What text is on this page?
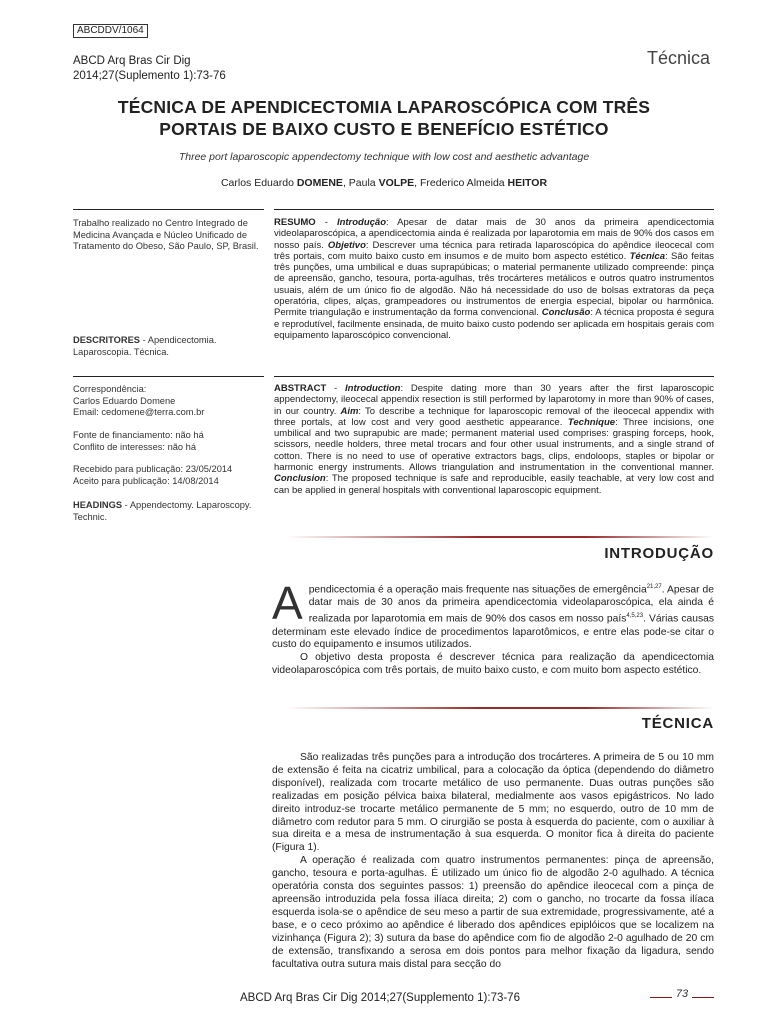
ABCDDV/1064
ABCD Arq Bras Cir Dig
2014;27(Suplemento 1):73-76
Técnica
TÉCNICA DE APENDICECTOMIA LAPAROSCÓPICA COM TRÊS
PORTAIS DE BAIXO CUSTO E BENEFÍCIO ESTÉTICO
Three port laparoscopic appendectomy technique with low cost and aesthetic advantage
Carlos Eduardo DOMENE, Paula VOLPE, Frederico Almeida HEITOR

Trabalho realizado no Centro Integrado de Medicina Avançada e Núcleo Unificado de Tratamento do Obeso, São Paulo, SP, Brasil.

DESCRITORES - Apendicectomia. Laparoscopia. Técnica.

Correspondência:

Carlos Eduardo Domene

Email: cedomene@terra.com.br

Fonte de financiamento: não há

Conflito de interesses: não há

Recebido para publicação: 23/05/2014

Aceito para publicação: 14/08/2014

HEADINGS - Appendectomy. Laparoscopy. Technic.

RESUMO - Introdução: Apesar de datar mais de 30 anos da primeira apendicectomia videolaparoscópica, a apendicectomia ainda é realizada por laparotomia em mais de 90% dos casos em nosso país. Objetivo: Descrever uma técnica para retirada laparoscópica do apêndice ileocecal com três portais, com muito baixo custo em insumos e de muito bom aspecto estético. Técnica: São feitas três punções, uma umbilical e duas suprapúbicas; o material permanente utilizado compreende: pinça de apreensão, gancho, tesoura, porta-agulhas, três trocárteres metálicos e outros quatro instrumentos usuais, além de um único fio de algodão. Não há necessidade do uso de bolsas extratoras da peça operatória, clipes, alças, grampeadores ou instrumentos de energia especial, bipolar ou harmônica. Permite triangulação e instrumentação da forma convencional. Conclusão: A técnica proposta é segura e reprodutível, facilmente ensinada, de muito baixo custo podendo ser aplicada em hospitais gerais com equipamento laparoscópico convencional.
ABSTRACT - Introduction: Despite dating more than 30 years after the first laparoscopic appendectomy, ileocecal appendix resection is still performed by laparotomy in more than 90% of cases, in our country. Aim: To describe a technique for laparoscopic removal of the ileocecal appendix with three portals, at low cost and very good aesthetic appearance. Technique: Three incisions, one umbilical and two suprapubic are made; permanent material used comprises: grasping forceps, hook, scissors, needle holders, three metal trocars and four other usual instruments, and a single strand of cotton. There is no need to use of operative extractors bags, clips, endoloops, staples or bipolar or harmonic energy instruments. Allows triangulation and instrumentation in the conventional manner. Conclusion: The proposed technique is safe and reproducible, easily teachable, at very low cost and can be applied in general hospitals with conventional laparoscopic equipment.
INTRODUÇÃO

Apendicectomia é a operação mais frequente nas situações de emergência$^{21,27}$. Apesar de datar mais de 30 anos da primeira apendicectomia videolaparoscópica, ela ainda é realizada por laparotomia em mais de 90% dos casos em nosso país$^{4,5,23}$. Várias causas determinam este elevado índice de procedimentos laparotômicos, e entre elas pode-se citar o custo do equipamento e insumos utilizados.

O objetivo desta proposta é descrever técnica para realização da apendicectomia videolaparoscópica com três portais, de muito baixo custo, e com muito bom aspecto estético.

TÉCNICA

São realizadas três punções para a introdução dos trocárteres. A primeira de 5 ou 10 mm de extensão é feita na cicatriz umbilical, para a colocação da óptica (dependendo do diâmetro disponível), realizada com trocarte metálico de uso permanente. Duas outras punções são realizadas em posição pélvica baixa bilateral, medialmente aos vasos epigástricos. No lado direito introduz-se trocarte metálico permanente de 5 mm; no esquerdo, outro de 10 mm de diâmetro com redutor para 5 mm. O cirurgião se posta à esquerda do paciente, com o auxiliar à sua direita e a mesa de instrumentação à sua esquerda. O monitor fica à direita do paciente (Figura 1).

A operação é realizada com quatro instrumentos permanentes: pinça de apreensão, gancho, tesoura e porta-agulhas. É utilizado um único fio de algodão 2-0 agulhado. A técnica operatória consta dos seguintes passos: 1) preensão do apêndice ileocecal com a pinça de apreensão introduzida pela fossa ilíaca direita; 2) com o gancho, no trocarte da fossa ilíaca esquerda isola-se o apêndice de seu meso a partir de sua extremidade, progressivamente, até a base, e o ceco próximo ao apêndice é liberado dos apêndices epiplóicos que se localizem na vizinhança (Figura 2); 3) sutura da base do apêndice com fio de algodão 2-0 agulhado de 20 cm de extensão, transfixando a serosa em dois pontos para melhor fixação da ligadura, sendo facultativa outra sutura mais distal para secção do

ABCD Arq Bras Cir Dig 2014;27(Supplemento 1):73-76	73
